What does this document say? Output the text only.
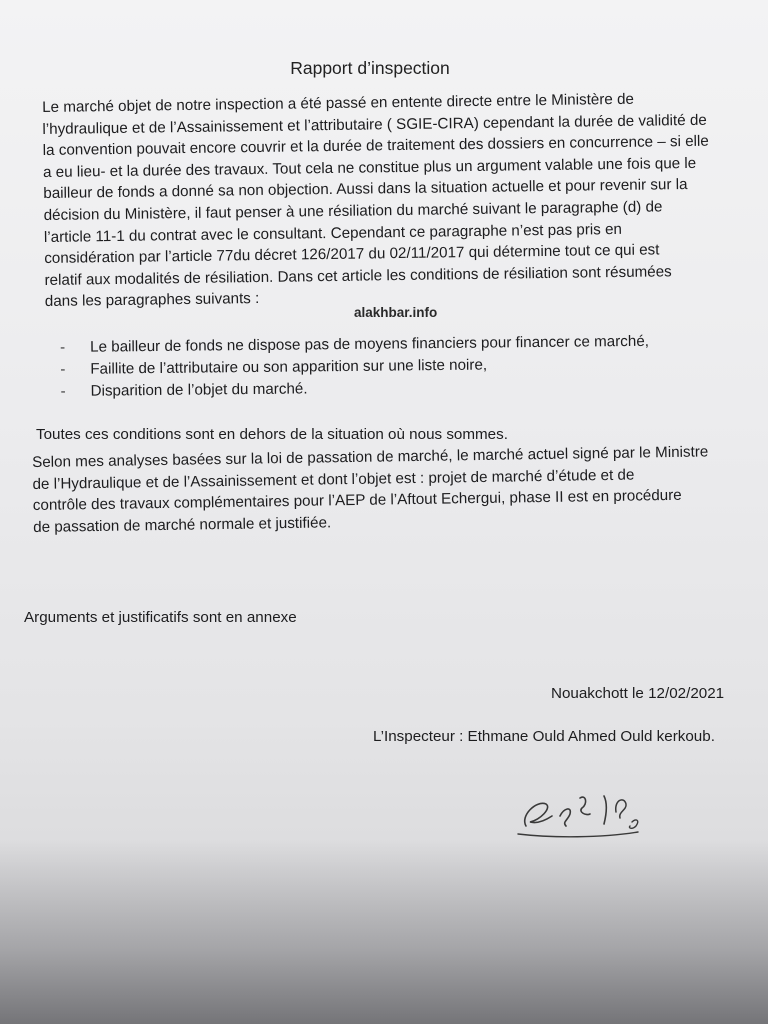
Rapport d’inspection

Le marché objet de notre inspection a été passé en entente directe entre le Ministère de
l’hydraulique et de l’Assainissement et l’attributaire ( SGIE-CIRA) cependant la durée de validité de
la convention pouvait encore couvrir et la durée de traitement des dossiers en concurrence – si elle
a eu lieu- et la durée des travaux. Tout cela ne constitue plus un argument valable une fois que le
bailleur de fonds a donné sa non objection. Aussi dans la situation actuelle et pour revenir sur la
décision du Ministère, il faut penser à une résiliation du marché suivant le paragraphe (d) de
l’article 11-1 du contrat avec le consultant. Cependant ce paragraphe n’est pas pris en
considération par l’article 77du décret 126/2017 du 02/11/2017 qui détermine tout ce qui est
relatif aux modalités de résiliation. Dans cet article les conditions de résiliation sont résumées
dans les paragraphes suivants :

alakhbar.info
-	Le bailleur de fonds ne dispose pas de moyens financiers pour financer ce marché,
-	Faillite de l’attributaire ou son apparition sur une liste noire,
-	Disparition de l’objet du marché.

Toutes ces conditions sont en dehors de la situation où nous sommes.

Selon mes analyses basées sur la loi de passation de marché, le marché actuel signé par le Ministre
de l’Hydraulique et de l’Assainissement et dont l’objet est : projet de marché d’étude et de
contrôle des travaux complémentaires pour l’AEP de l’Aftout Echergui, phase II est en procédure
de passation de marché normale et justifiée.

Arguments et justificatifs sont en annexe

Nouakchott le 12/02/2021
L’Inspecteur : Ethmane Ould Ahmed Ould kerkoub.
